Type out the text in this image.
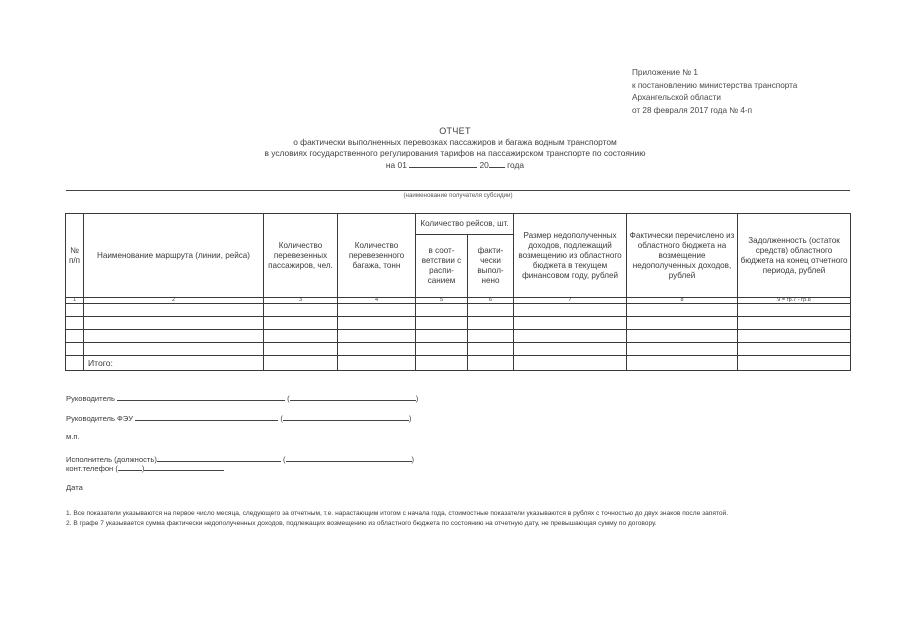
Приложение № 1
к постановлению министерства транспорта
Архангельской области
от 28 февраля 2017 года № 4-п
ОТЧЕТ
о фактически выполненных перевозках пассажиров и багажа водным транспортом
в условиях государственного регулирования тарифов на пассажирском транспорте по состоянию
на 01	20 года
(наименование получателя субсидии)
№ п/п	Наименование маршрута (линии, рейса)	Количество перевезенных пассажиров, чел.	Количество перевезенного багажа, тонн	Количество рейсов, шт.		Размер недополученных доходов, подлежащий возмещению из областного бюджета в текущем финансовом году, рублей	Фактически перечислено из областного бюджета на возмещение недополученных доходов, рублей	Задолженность (остаток средств) областного бюджета на конец отчетного периода, рублей
				в соот-ветствии с распи-санием	факти-чески выпол-нено			
1	2	3	4	5	6	7	8	9 = гр.7 - гр.8

	Итого:							
Руководитель	(	)
Руководитель ФЭУ	(	)
м.п.
Исполнитель (должность)	(	)
конт.телефон (	)
Дата
1. Все показатели указываются на первое число месяца, следующего за отчетным, т.е. нарастающим итогом с начала года, стоимостные показатели указываются в рублях с точностью до двух знаков после запятой.
2. В графе 7 указывается сумма фактически недополученных доходов, подлежащих возмещению из областного бюджета по состоянию на отчетную дату, не превышающая сумму по договору.
